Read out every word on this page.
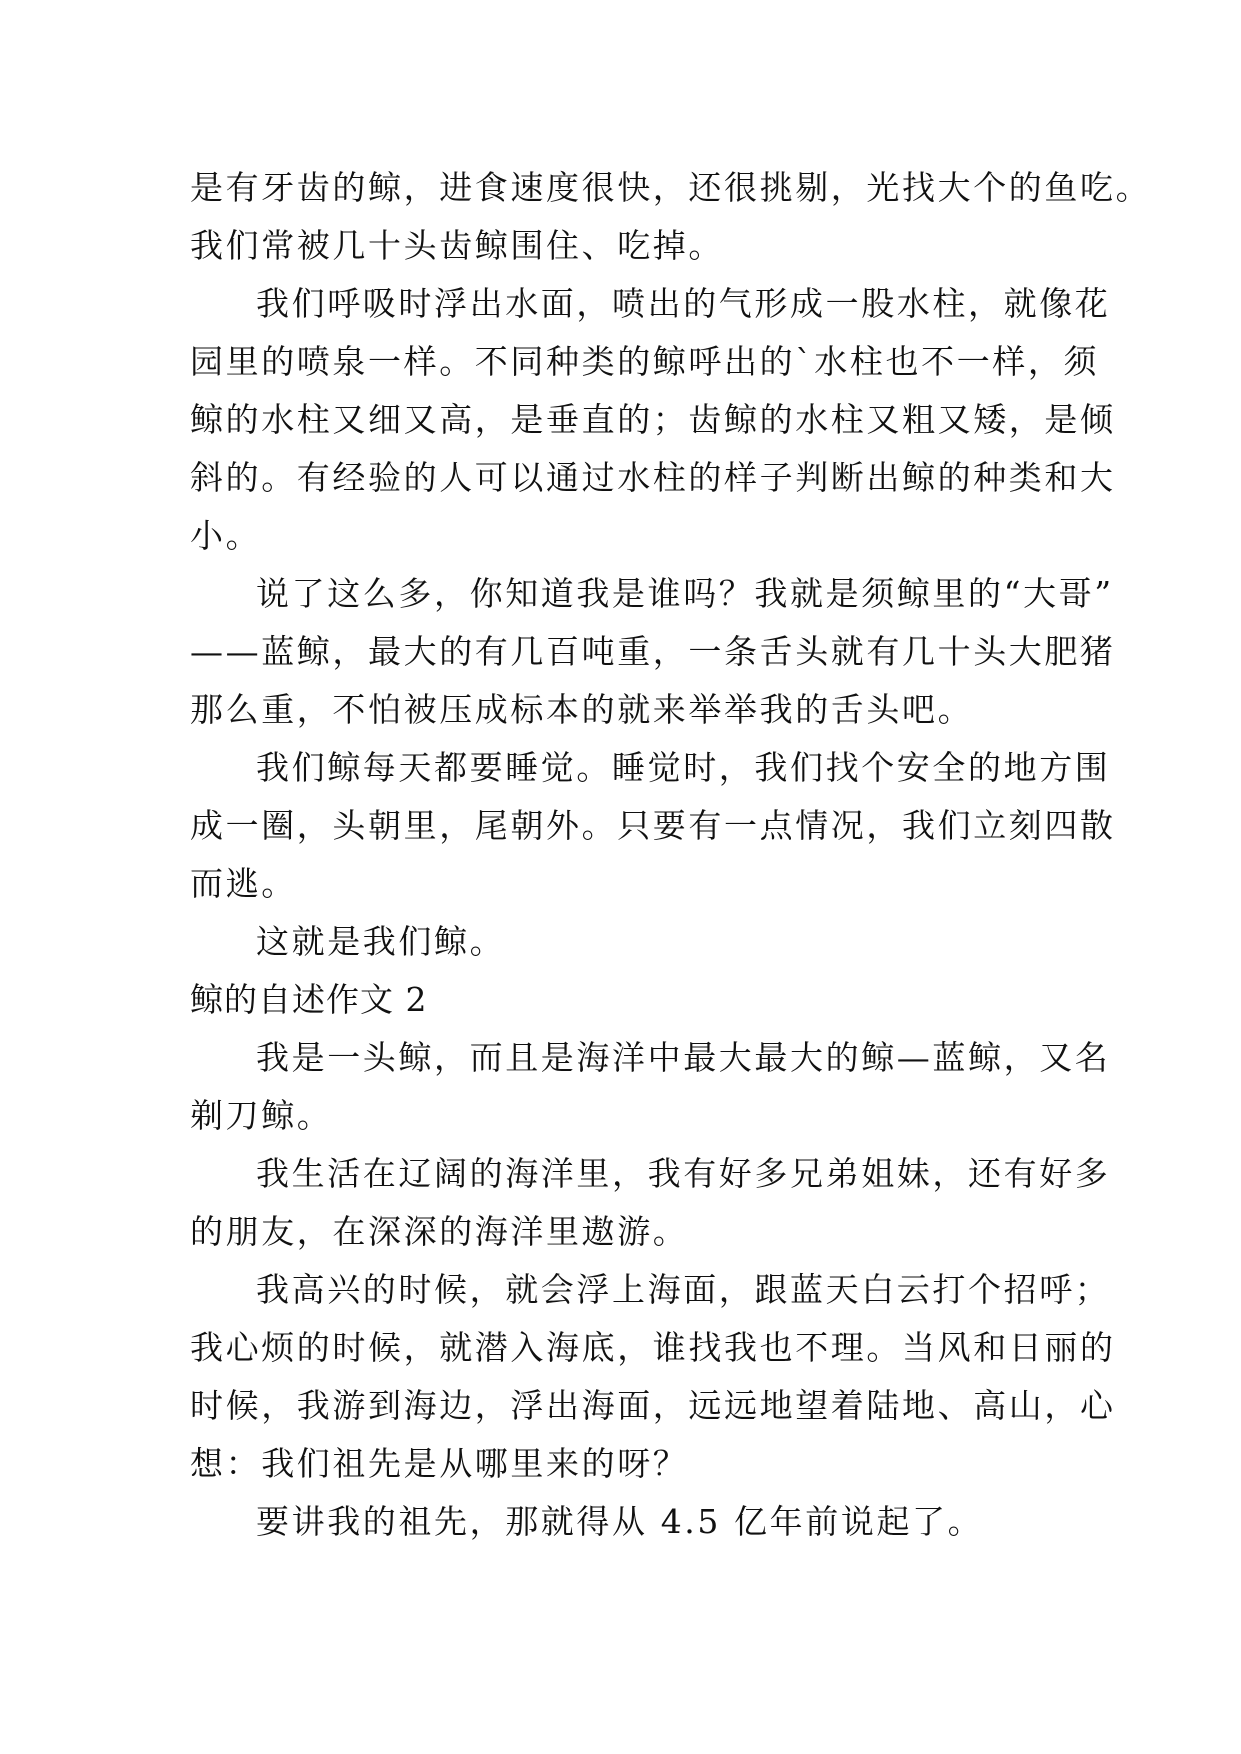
是有牙齿的鲸，进食速度很快，还很挑剔，光找大个的鱼吃。
我们常被几十头齿鲸围住、吃掉。
我们呼吸时浮出水面，喷出的气形成一股水柱，就像花
园里的喷泉一样。不同种类的鲸呼出的`水柱也不一样，须
鲸的水柱又细又高，是垂直的；齿鲸的水柱又粗又矮，是倾
斜的。有经验的人可以通过水柱的样子判断出鲸的种类和大
小。
说了这么多，你知道我是谁吗？我就是须鲸里的“大哥”
——蓝鲸，最大的有几百吨重，一条舌头就有几十头大肥猪
那么重，不怕被压成标本的就来举举我的舌头吧。
我们鲸每天都要睡觉。睡觉时，我们找个安全的地方围
成一圈，头朝里，尾朝外。只要有一点情况，我们立刻四散
而逃。
这就是我们鲸。
鲸的自述作文 2
我是一头鲸，而且是海洋中最大最大的鲸—蓝鲸，又名
剃刀鲸。
我生活在辽阔的海洋里，我有好多兄弟姐妹，还有好多
的朋友，在深深的海洋里遨游。
我高兴的时候，就会浮上海面，跟蓝天白云打个招呼；
我心烦的时候，就潜入海底，谁找我也不理。当风和日丽的
时候，我游到海边，浮出海面，远远地望着陆地、高山，心
想：我们祖先是从哪里来的呀？
要讲我的祖先，那就得从 4.5 亿年前说起了。
